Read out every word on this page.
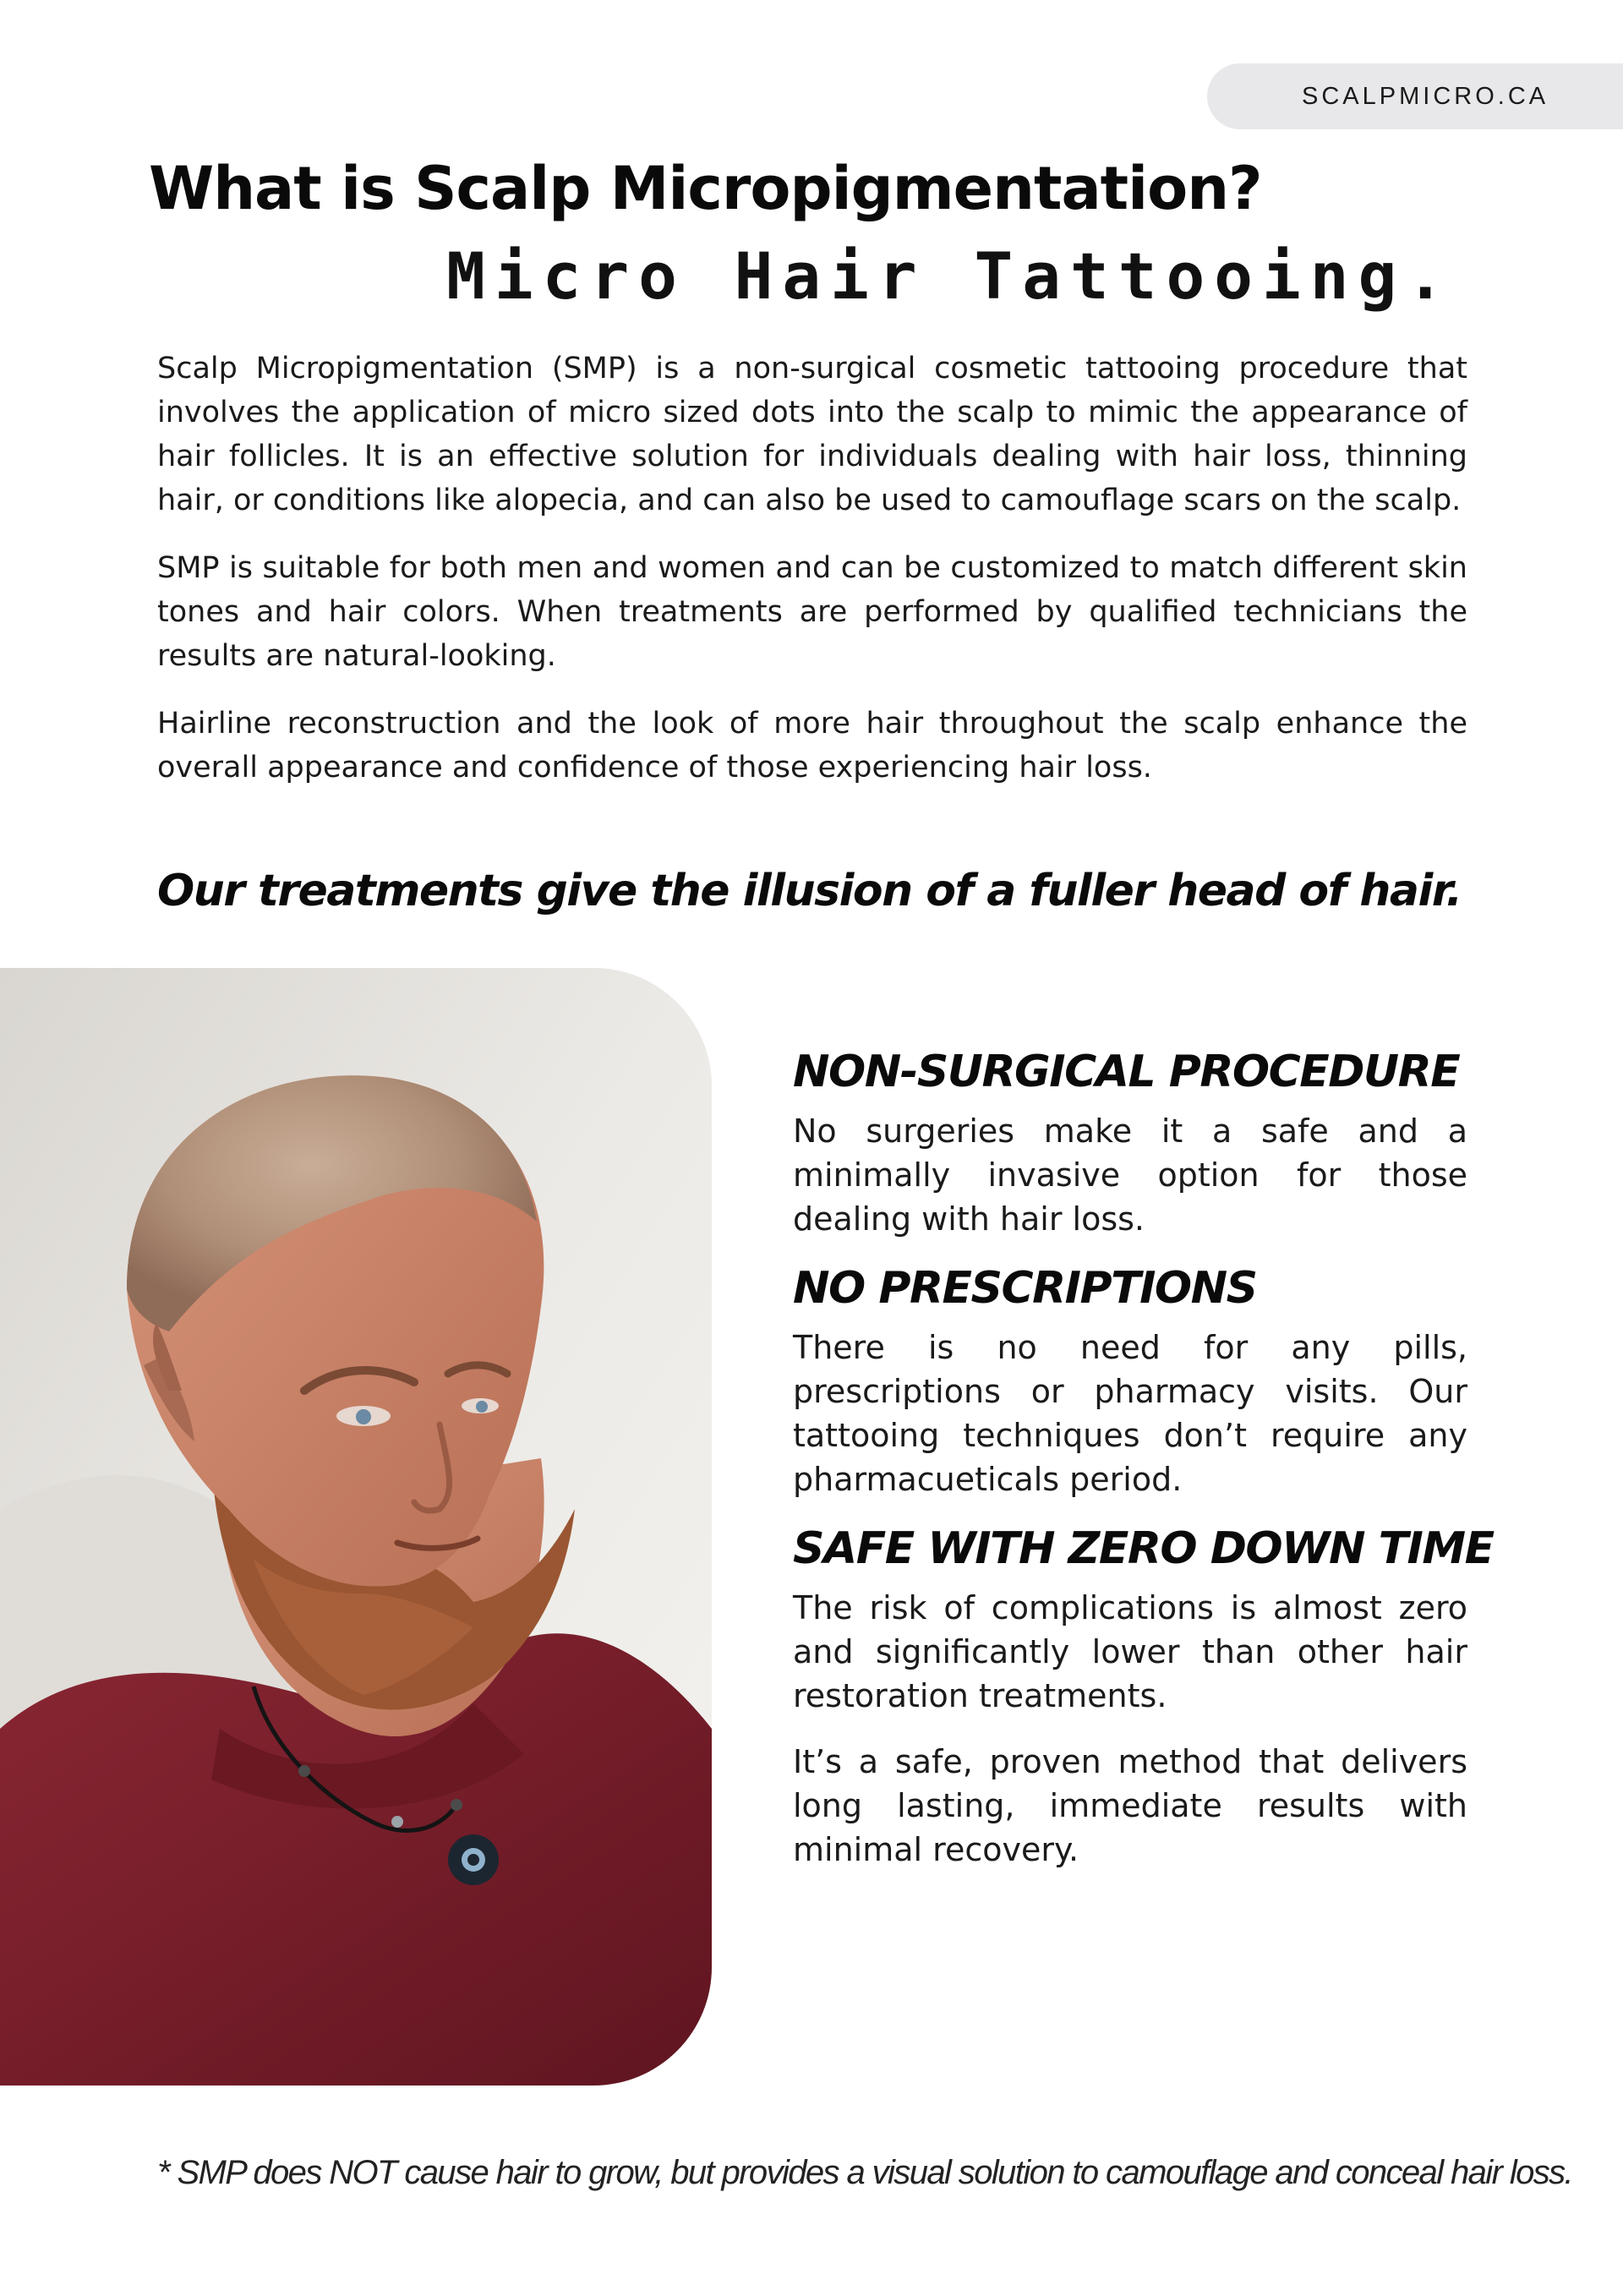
SCALPMICRO.CA
What is Scalp Micropigmentation?
Micro Hair Tattooing.

Scalp Micropigmentation (SMP) is a non-surgical cosmetic tattooing procedure that involves the application of micro sized dots into the scalp to mimic the appearance of hair follicles. It is an effective solution for individuals dealing with hair loss, thinning hair, or conditions like alopecia, and can also be used to camouflage scars on the scalp.

SMP is suitable for both men and women and can be customized to match different skin tones and hair colors. When treatments are performed by qualified technicians the results are natural-looking.

Hairline reconstruction and the look of more hair throughout the scalp enhance the overall appearance and confidence of those experiencing hair loss.

Our treatments give the illusion of a fuller head of hair.
NON-SURGICAL PROCEDURE

No surgeries make it a safe and a minimally invasive option for those dealing with hair loss.

NO PRESCRIPTIONS

There is no need for any pills, prescriptions or pharmacy visits. Our tattooing techniques don’t require any pharmacueticals period.

SAFE WITH ZERO DOWN TIME

The risk of complications is almost zero and significantly lower than other hair restoration treatments.

It’s a safe, proven method that delivers long lasting, immediate results with minimal recovery.

* SMP does NOT cause hair to grow, but provides a visual solution to camouflage and conceal hair loss.
